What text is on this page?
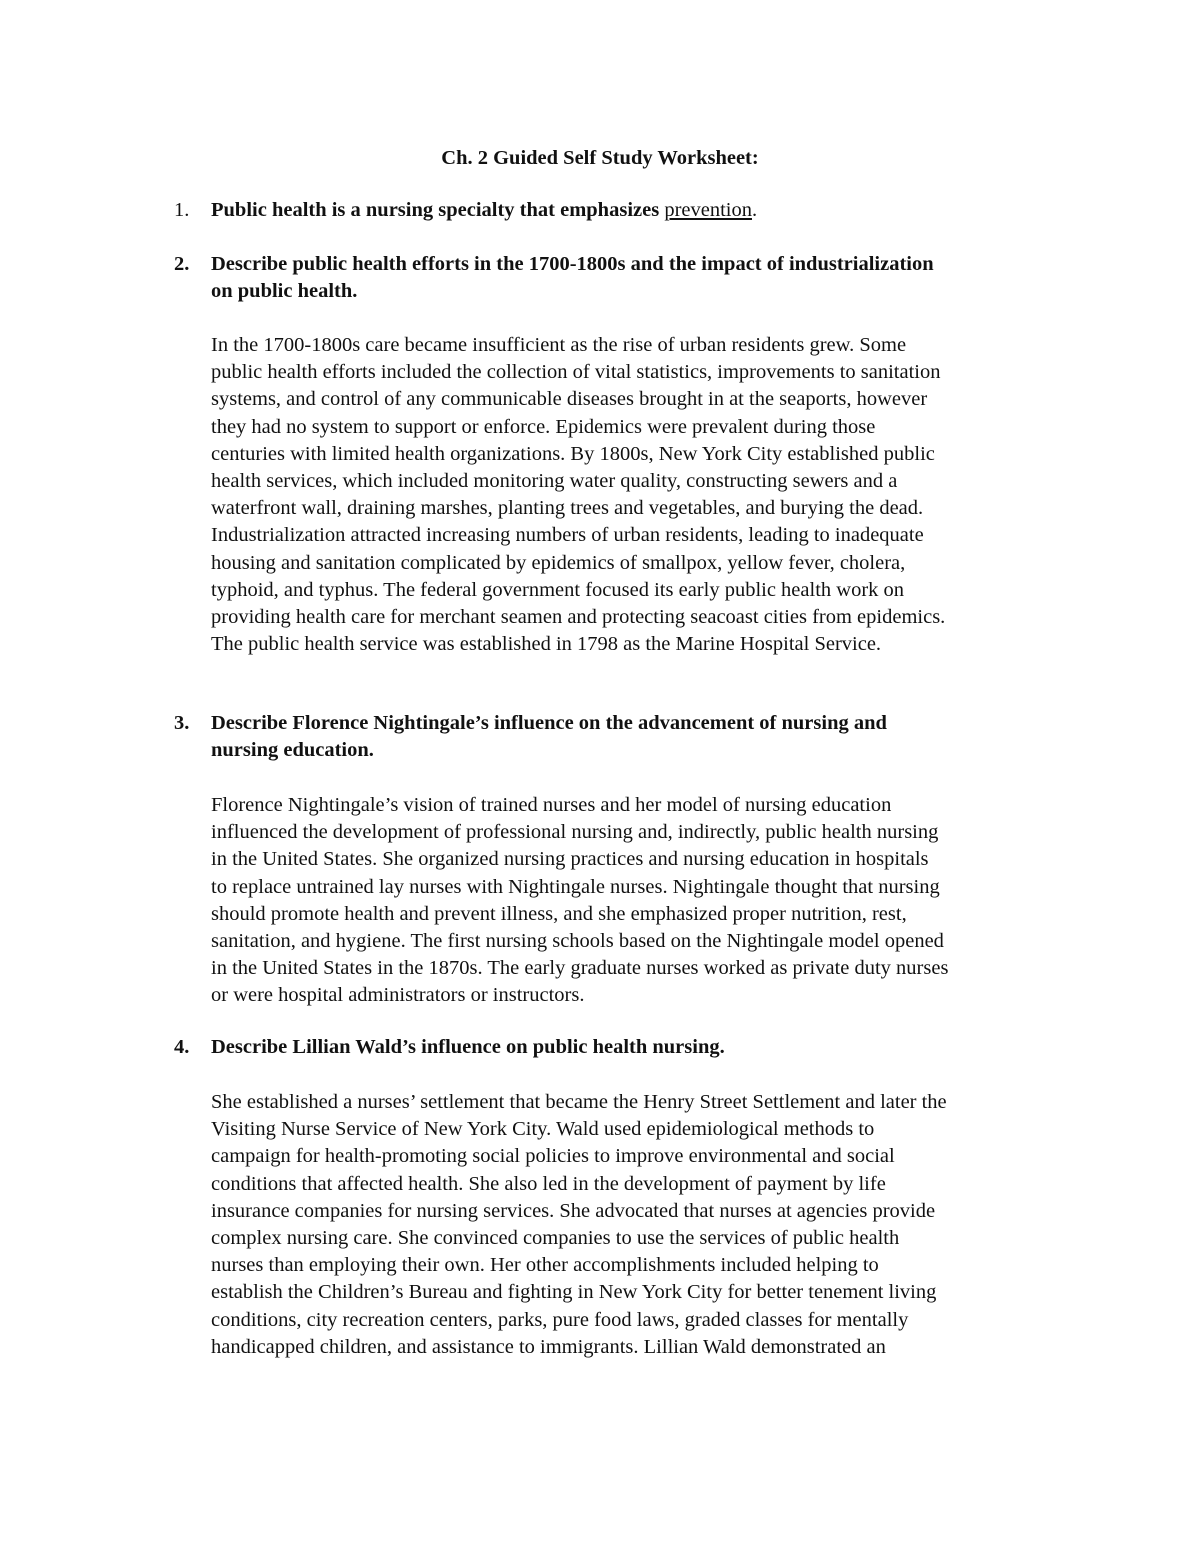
Ch. 2 Guided Self Study Worksheet:
1. Public health is a nursing specialty that emphasizes prevention.
2. Describe public health efforts in the 1700-1800s and the impact of industrialization
on public health.
In the 1700-1800s care became insufficient as the rise of urban residents grew. Some
public health efforts included the collection of vital statistics, improvements to sanitation
systems, and control of any communicable diseases brought in at the seaports, however
they had no system to support or enforce. Epidemics were prevalent during those
centuries with limited health organizations. By 1800s, New York City established public
health services, which included monitoring water quality, constructing sewers and a
waterfront wall, draining marshes, planting trees and vegetables, and burying the dead.
Industrialization attracted increasing numbers of urban residents, leading to inadequate
housing and sanitation complicated by epidemics of smallpox, yellow fever, cholera,
typhoid, and typhus. The federal government focused its early public health work on
providing health care for merchant seamen and protecting seacoast cities from epidemics.
The public health service was established in 1798 as the Marine Hospital Service.
3. Describe Florence Nightingale’s influence on the advancement of nursing and
nursing education.
Florence Nightingale’s vision of trained nurses and her model of nursing education
influenced the development of professional nursing and, indirectly, public health nursing
in the United States. She organized nursing practices and nursing education in hospitals
to replace untrained lay nurses with Nightingale nurses. Nightingale thought that nursing
should promote health and prevent illness, and she emphasized proper nutrition, rest,
sanitation, and hygiene. The first nursing schools based on the Nightingale model opened
in the United States in the 1870s. The early graduate nurses worked as private duty nurses
or were hospital administrators or instructors.
4. Describe Lillian Wald’s influence on public health nursing.
She established a nurses’ settlement that became the Henry Street Settlement and later the
Visiting Nurse Service of New York City. Wald used epidemiological methods to
campaign for health-promoting social policies to improve environmental and social
conditions that affected health. She also led in the development of payment by life
insurance companies for nursing services. She advocated that nurses at agencies provide
complex nursing care. She convinced companies to use the services of public health
nurses than employing their own. Her other accomplishments included helping to
establish the Children’s Bureau and fighting in New York City for better tenement living
conditions, city recreation centers, parks, pure food laws, graded classes for mentally
handicapped children, and assistance to immigrants. Lillian Wald demonstrated an
